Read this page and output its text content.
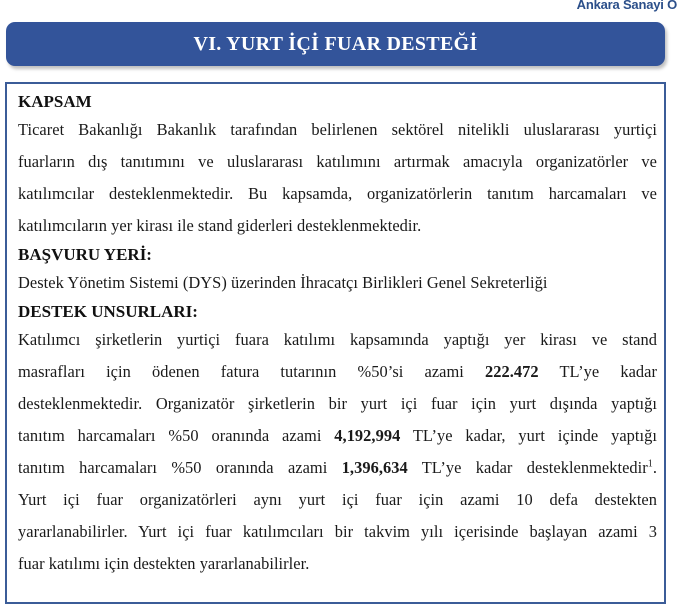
Ankara Sanayi O
VI. YURT İÇİ FUAR DESTEĞİ
KAPSAM
Ticaret Bakanlığı Bakanlık tarafından belirlenen sektörel nitelikli uluslararası yurtiçi
fuarların dış tanıtımını ve uluslararası katılımını artırmak amacıyla organizatörler ve
katılımcılar desteklenmektedir. Bu kapsamda, organizatörlerin tanıtım harcamaları ve
katılımcıların yer kirası ile stand giderleri desteklenmektedir.
BAŞVURU YERİ:
Destek Yönetim Sistemi (DYS) üzerinden İhracatçı Birlikleri Genel Sekreterliği
DESTEK UNSURLARI:
Katılımcı şirketlerin yurtiçi fuara katılımı kapsamında yaptığı yer kirası ve stand
masrafları için ödenen fatura tutarının %50’si azami 222.472 TL’ye kadar
desteklenmektedir. Organizatör şirketlerin bir yurt içi fuar için yurt dışında yaptığı
tanıtım harcamaları %50 oranında azami 4,192,994 TL’ye kadar, yurt içinde yaptığı
tanıtım harcamaları %50 oranında azami 1,396,634 TL’ye kadar desteklenmektedir$^1$.
Yurt içi fuar organizatörleri aynı yurt içi fuar için azami 10 defa destekten
yararlanabilirler. Yurt içi fuar katılımcıları bir takvim yılı içerisinde başlayan azami 3
fuar katılımı için destekten yararlanabilirler.
